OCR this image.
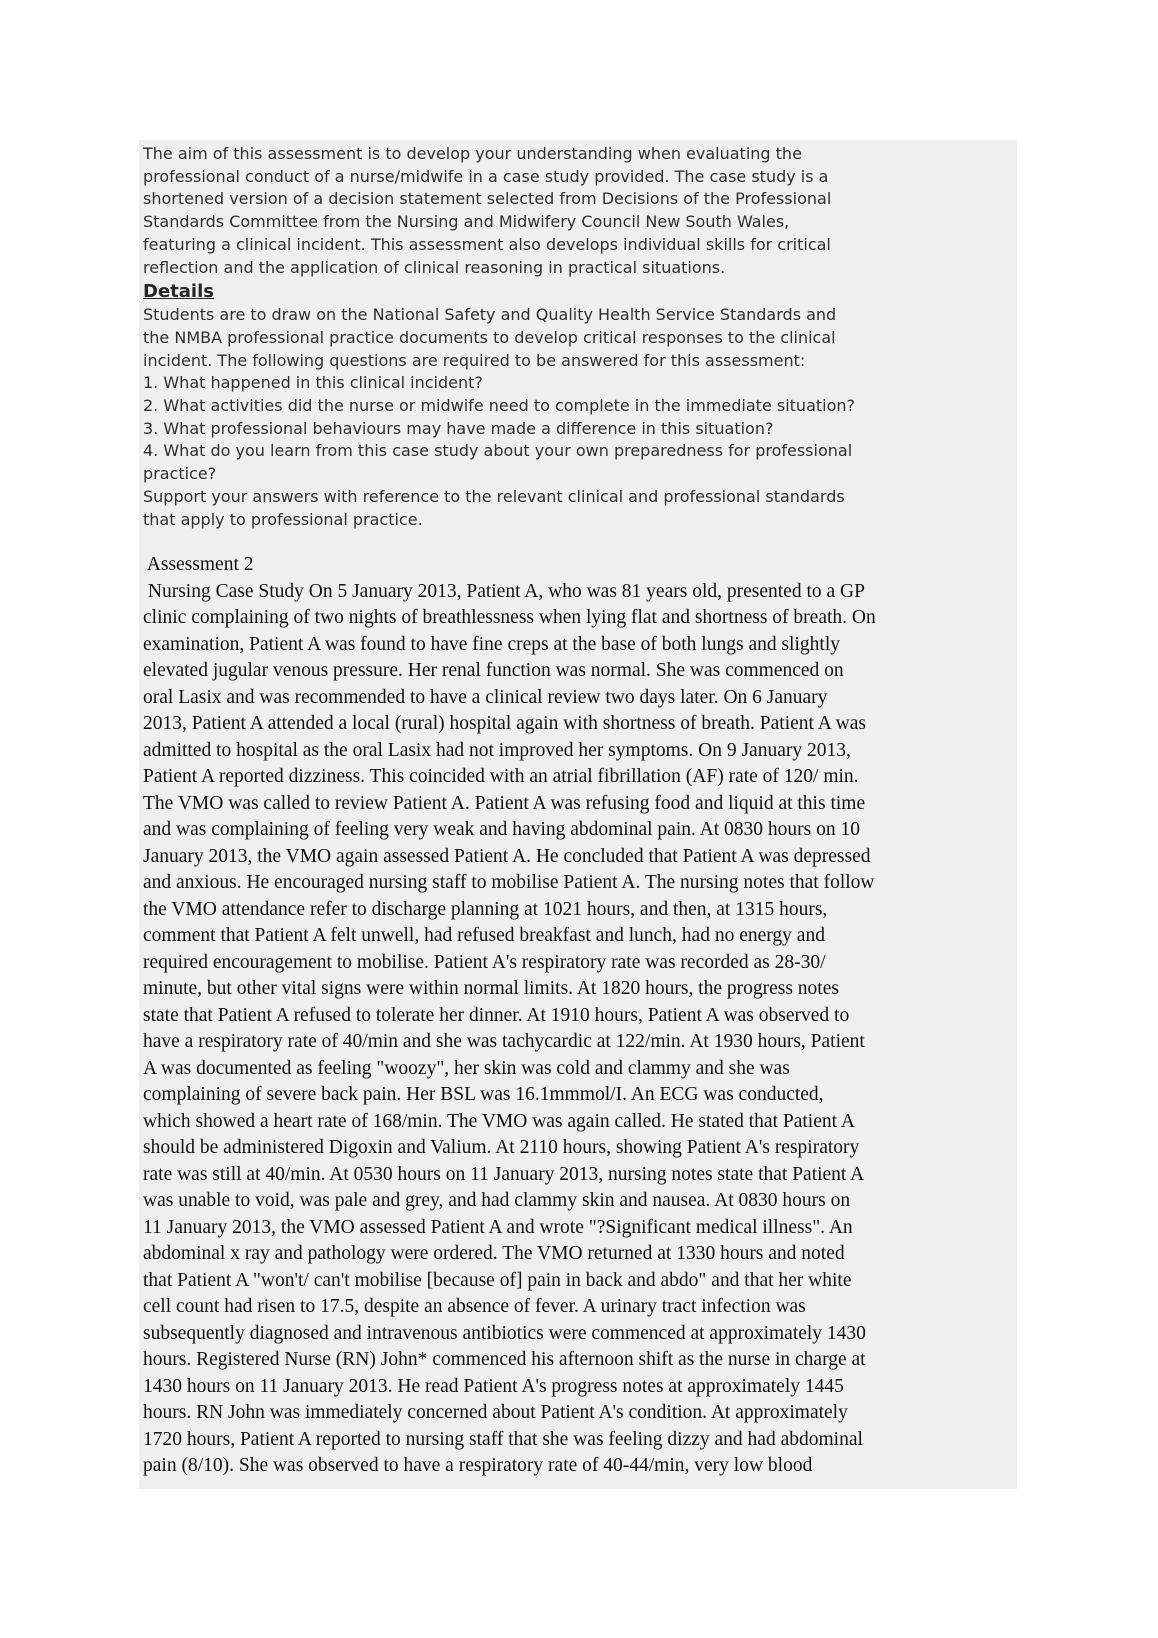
The aim of this assessment is to develop your understanding when evaluating the
professional conduct of a nurse/midwife in a case study provided. The case study is a
shortened version of a decision statement selected from Decisions of the Professional
Standards Committee from the Nursing and Midwifery Council New South Wales,
featuring a clinical incident. This assessment also develops individual skills for critical
reflection and the application of clinical reasoning in practical situations.
Details
Students are to draw on the National Safety and Quality Health Service Standards and
the NMBA professional practice documents to develop critical responses to the clinical
incident. The following questions are required to be answered for this assessment:
1. What happened in this clinical incident?
2. What activities did the nurse or midwife need to complete in the immediate situation?
3. What professional behaviours may have made a difference in this situation?
4. What do you learn from this case study about your own preparedness for professional
practice?
Support your answers with reference to the relevant clinical and professional standards
that apply to professional practice.
Assessment 2
Nursing Case Study On 5 January 2013, Patient A, who was 81 years old, presented to a GP
clinic complaining of two nights of breathlessness when lying flat and shortness of breath. On
examination, Patient A was found to have fine creps at the base of both lungs and slightly
elevated jugular venous pressure. Her renal function was normal. She was commenced on
oral Lasix and was recommended to have a clinical review two days later. On 6 January
2013, Patient A attended a local (rural) hospital again with shortness of breath. Patient A was
admitted to hospital as the oral Lasix had not improved her symptoms. On 9 January 2013,
Patient A reported dizziness. This coincided with an atrial fibrillation (AF) rate of 120/ min.
The VMO was called to review Patient A. Patient A was refusing food and liquid at this time
and was complaining of feeling very weak and having abdominal pain. At 0830 hours on 10
January 2013, the VMO again assessed Patient A. He concluded that Patient A was depressed
and anxious. He encouraged nursing staff to mobilise Patient A. The nursing notes that follow
the VMO attendance refer to discharge planning at 1021 hours, and then, at 1315 hours,
comment that Patient A felt unwell, had refused breakfast and lunch, had no energy and
required encouragement to mobilise. Patient A's respiratory rate was recorded as 28-30/
minute, but other vital signs were within normal limits. At 1820 hours, the progress notes
state that Patient A refused to tolerate her dinner. At 1910 hours, Patient A was observed to
have a respiratory rate of 40/min and she was tachycardic at 122/min. At 1930 hours, Patient
A was documented as feeling "woozy", her skin was cold and clammy and she was
complaining of severe back pain. Her BSL was 16.1mmmol/I. An ECG was conducted,
which showed a heart rate of 168/min. The VMO was again called. He stated that Patient A
should be administered Digoxin and Valium. At 2110 hours, showing Patient A's respiratory
rate was still at 40/min. At 0530 hours on 11 January 2013, nursing notes state that Patient A
was unable to void, was pale and grey, and had clammy skin and nausea. At 0830 hours on
11 January 2013, the VMO assessed Patient A and wrote "?Significant medical illness". An
abdominal x ray and pathology were ordered. The VMO returned at 1330 hours and noted
that Patient A "won't/ can't mobilise [because of] pain in back and abdo" and that her white
cell count had risen to 17.5, despite an absence of fever. A urinary tract infection was
subsequently diagnosed and intravenous antibiotics were commenced at approximately 1430
hours. Registered Nurse (RN) John* commenced his afternoon shift as the nurse in charge at
1430 hours on 11 January 2013. He read Patient A's progress notes at approximately 1445
hours. RN John was immediately concerned about Patient A's condition. At approximately
1720 hours, Patient A reported to nursing staff that she was feeling dizzy and had abdominal
pain (8/10). She was observed to have a respiratory rate of 40-44/min, very low blood
